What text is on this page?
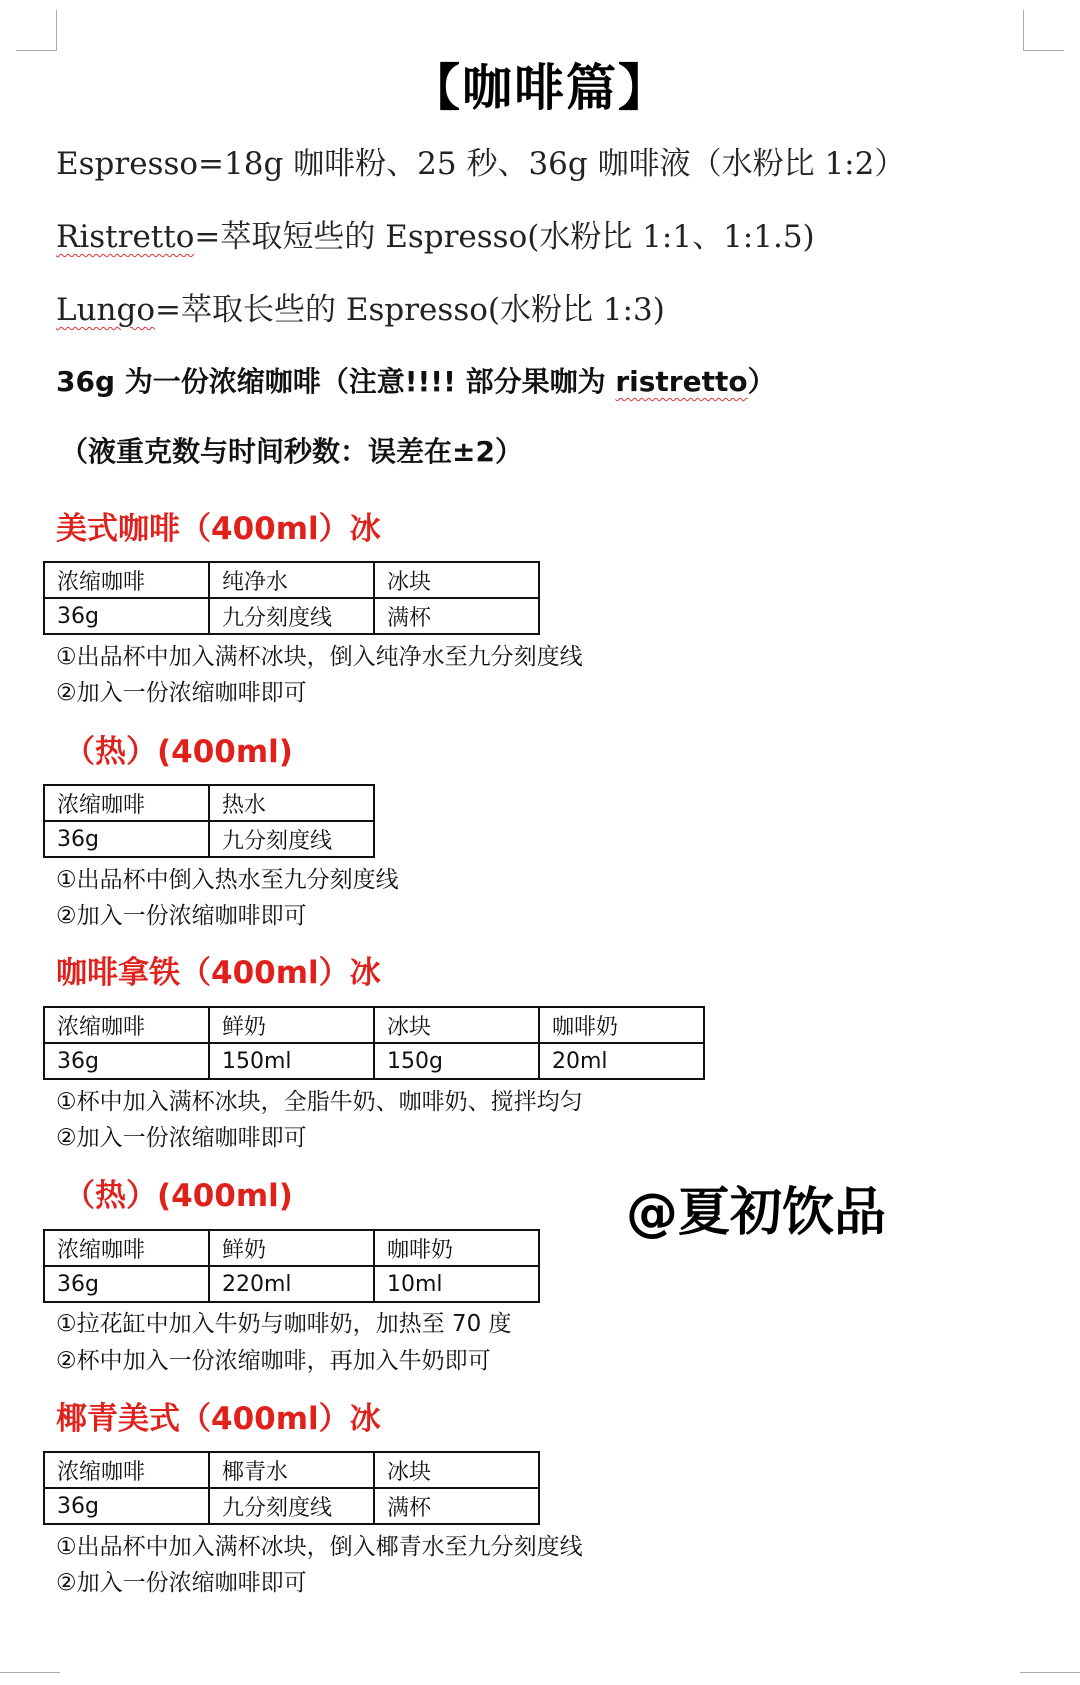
【咖啡篇】
Espresso=18g 咖啡粉、25 秒、36g 咖啡液（水粉比 1:2）
Ristretto=萃取短些的 Espresso(水粉比 1:1、1:1.5)
Lungo=萃取长些的 Espresso(水粉比 1:3)
36g 为一份浓缩咖啡（注意!!!! 部分果咖为 ristretto）
（液重克数与时间秒数：误差在±2）
美式咖啡（400ml）冰
浓缩咖啡	纯净水	冰块
36g	九分刻度线	满杯
①出品杯中加入满杯冰块，倒入纯净水至九分刻度线
②加入一份浓缩咖啡即可
（热）(400ml)
浓缩咖啡	热水
36g	九分刻度线
①出品杯中倒入热水至九分刻度线
②加入一份浓缩咖啡即可
咖啡拿铁（400ml）冰
浓缩咖啡	鲜奶	冰块	咖啡奶
36g	150ml	150g	20ml
①杯中加入满杯冰块，全脂牛奶、咖啡奶、搅拌均匀
②加入一份浓缩咖啡即可
（热）(400ml)
浓缩咖啡	鲜奶	咖啡奶
36g	220ml	10ml
①拉花缸中加入牛奶与咖啡奶，加热至 70 度
②杯中加入一份浓缩咖啡，再加入牛奶即可
椰青美式（400ml）冰
浓缩咖啡	椰青水	冰块
36g	九分刻度线	满杯
①出品杯中加入满杯冰块，倒入椰青水至九分刻度线
②加入一份浓缩咖啡即可
@夏初饮品
